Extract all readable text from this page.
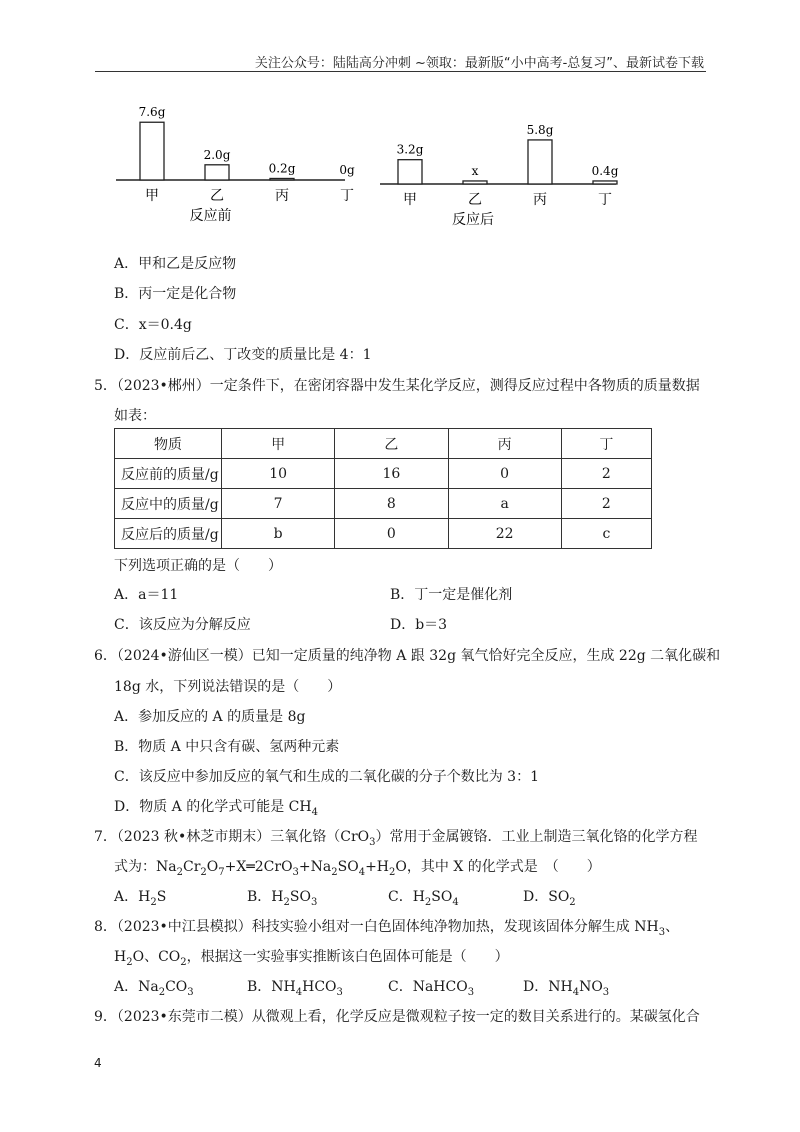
关注公众号：陆陆高分冲刺 ~领取：最新版“小中高考-总复习”、最新试卷下载
7.6g
甲
2.0g
乙
0.2g
丙
0g
丁
反应前
3.2g
甲
x
乙
5.8g
丙
0.4g
丁
反应后
A．甲和乙是反应物
B．丙一定是化合物
C．x＝0.4g
D．反应前后乙、丁改变的质量比是 4：1
5．（2023•郴州）一定条件下，在密闭容器中发生某化学反应，测得反应过程中各物质的质量数据
如表：
物质	甲	乙	丙	丁
反应前的质量/g	10	16	0	2
反应中的质量/g	7	8	a	2
反应后的质量/g	b	0	22	c
下列选项正确的是（　　）
A．a＝11	B．丁一定是催化剂
C．该反应为分解反应	D．b＝3
6．（2024•游仙区一模）已知一定质量的纯净物 A 跟 32g 氧气恰好完全反应，生成 22g 二氧化碳和
18g 水，下列说法错误的是（　　）
A．参加反应的 A 的质量是 8g
B．物质 A 中只含有碳、氢两种元素
C．该反应中参加反应的氧气和生成的二氧化碳的分子个数比为 3：1
D．物质 A 的化学式可能是 $CH_4$
7．（2023 秋•林芝市期末）三氧化铬（CrO$_3$）常用于金属镀铬．工业上制造三氧化铬的化学方程
式为：$Na_2Cr_2O_7+X═2CrO_3+Na_2SO_4+H_2O$，其中 X 的化学式是　（　　）
A．$H_2S$	B．$H_2SO_3$	C．$H_2SO_4$	D．$SO_2$
8．（2023•中江县模拟）科技实验小组对一白色固体纯净物加热，发现该固体分解生成 $NH_3$、
$H_2O$、$CO_2$，根据这一实验事实推断该白色固体可能是（　　）
A．$Na_2CO_3$	B．$NH_4HCO_3$	C．NaHCO$_3$	D．$NH_4NO_3$
9．（2023•东莞市二模）从微观上看，化学反应是微观粒子按一定的数目关系进行的。某碳氢化合
4
